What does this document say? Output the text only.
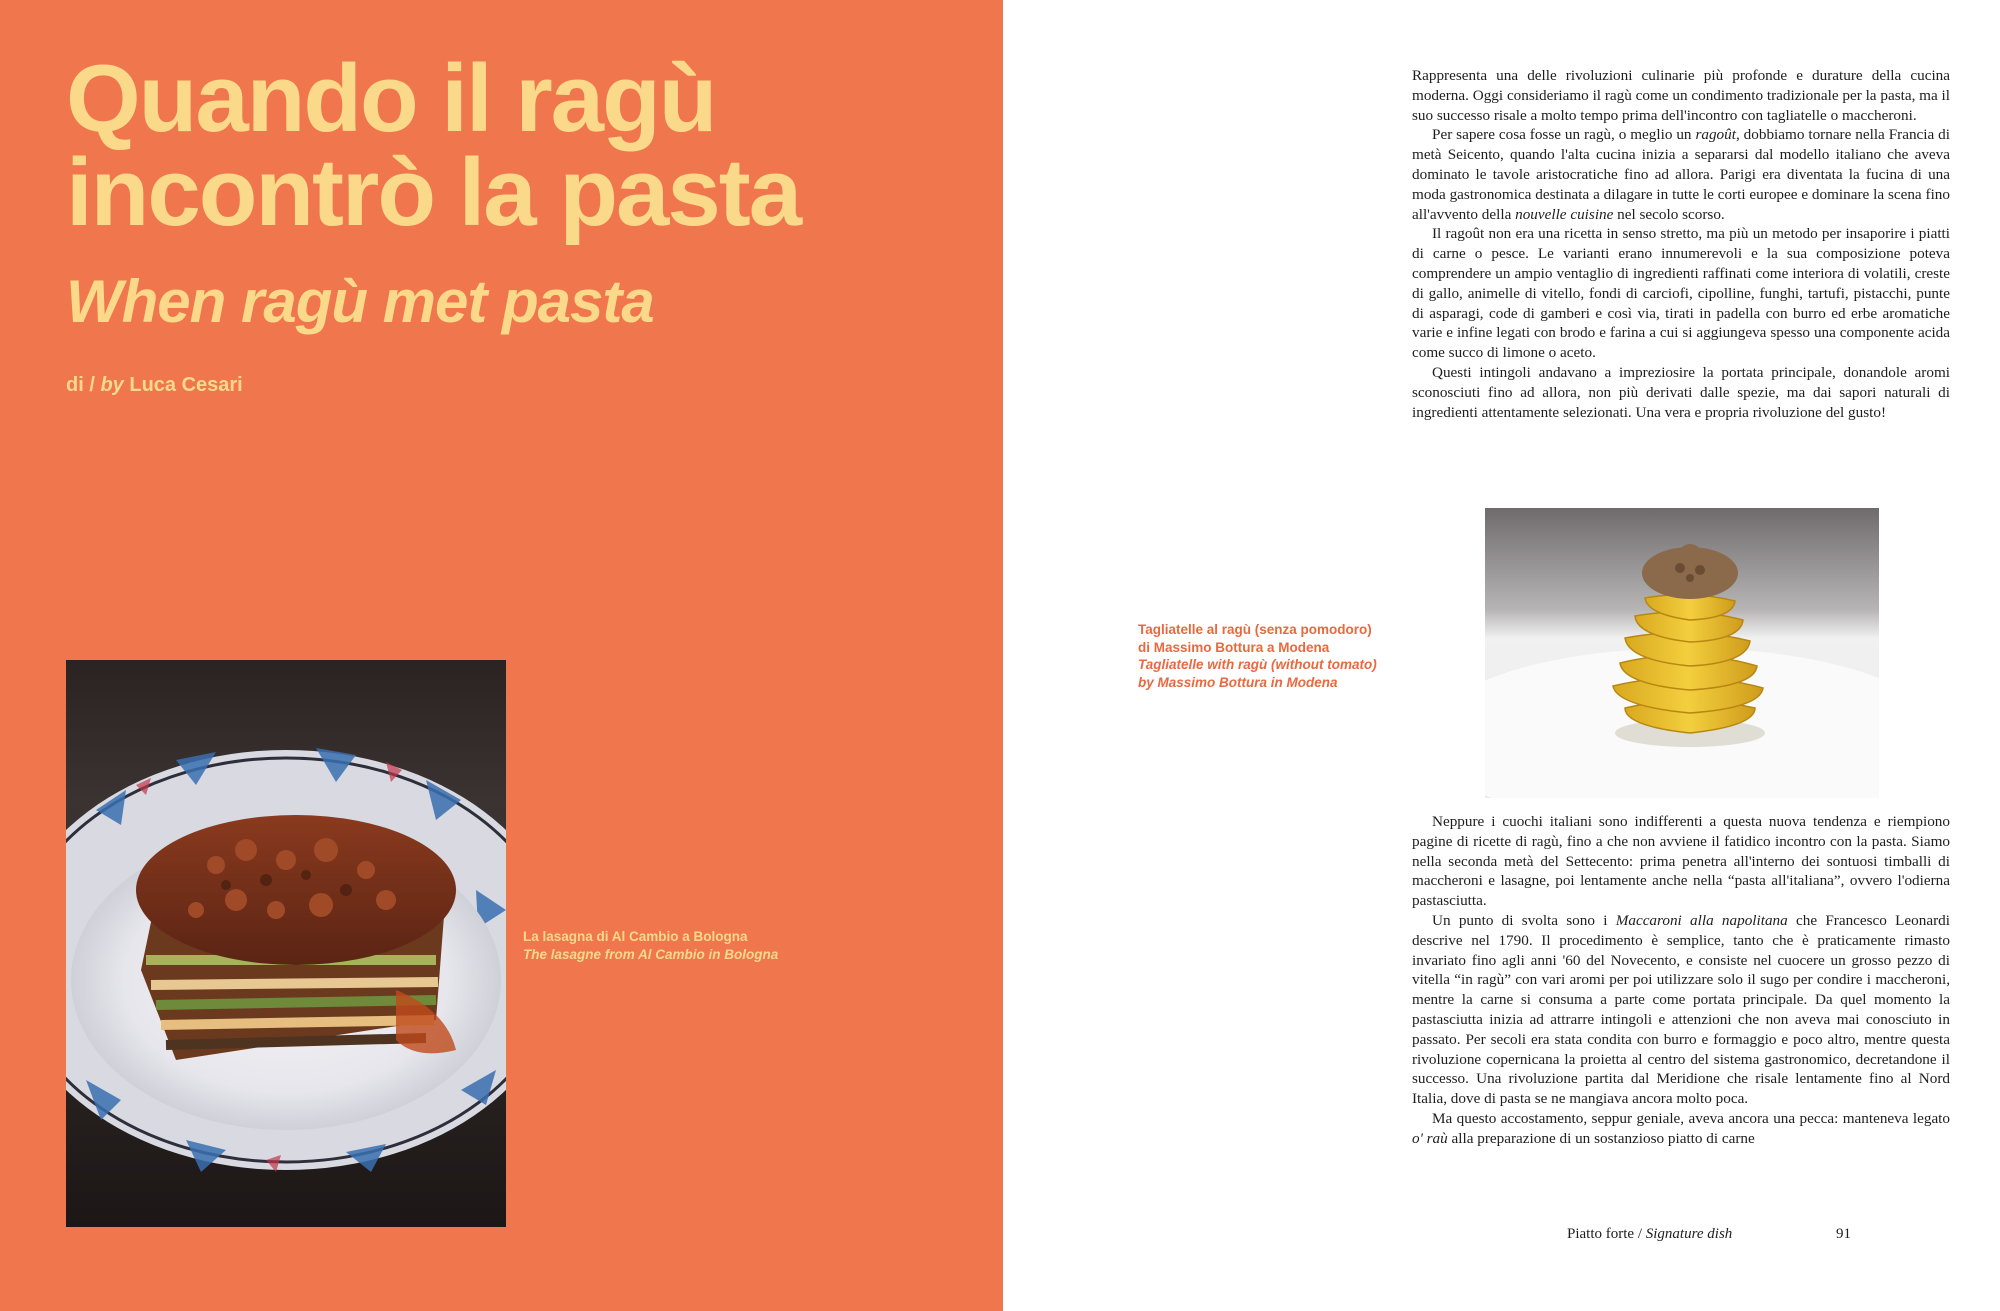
Quando il ragù
incontrò la pasta
When ragù met pasta
di / by Luca Cesari
La lasagna di Al Cambio a Bologna
The lasagne from Al Cambio in Bologna

Rappresenta una delle rivoluzioni culinarie più profonde e durature della cucina moderna. Oggi consideriamo il ragù come un condimento tradizionale per la pasta, ma il suo successo risale a molto tempo prima dell'incontro con tagliatelle o maccheroni.

Per sapere cosa fosse un ragù, o meglio un ragoût, dobbiamo tornare nella Francia di metà Seicento, quando l'alta cucina inizia a separarsi dal modello italiano che aveva dominato le tavole aristocratiche fino ad allora. Parigi era diventata la fucina di una moda gastronomica destinata a dilagare in tutte le corti europee e dominare la scena fino all'avvento della nouvelle cuisine nel secolo scorso.

Il ragoût non era una ricetta in senso stretto, ma più un metodo per insaporire i piatti di carne o pesce. Le varianti erano innumerevoli e la sua composizione poteva comprendere un ampio ventaglio di ingredienti raffinati come interiora di volatili, creste di gallo, animelle di vitello, fondi di carciofi, cipolline, funghi, tartufi, pistacchi, punte di asparagi, code di gamberi e così via, tirati in padella con burro ed erbe aromatiche varie e infine legati con brodo e farina a cui si aggiungeva spesso una componente acida come succo di limone o aceto.

Questi intingoli andavano a impreziosire la portata principale, donandole aromi sconosciuti fino ad allora, non più derivati dalle spezie, ma dai sapori naturali di ingredienti attentamente selezionati. Una vera e propria rivoluzione del gusto!

Tagliatelle al ragù (senza pomodoro)
di Massimo Bottura a Modena
Tagliatelle with ragù (without tomato)
by Massimo Bottura in Modena

Neppure i cuochi italiani sono indifferenti a questa nuova tendenza e riempiono pagine di ricette di ragù, fino a che non avviene il fatidico incontro con la pasta. Siamo nella seconda metà del Settecento: prima penetra all'interno dei sontuosi timballi di maccheroni e lasagne, poi lentamente anche nella “pasta all'italiana”, ovvero l'odierna pastasciutta.

Un punto di svolta sono i Maccaroni alla napolitana che Francesco Leonardi descrive nel 1790. Il procedimento è semplice, tanto che è praticamente rimasto invariato fino agli anni '60 del Novecento, e consiste nel cuocere un grosso pezzo di vitella “in ragù” con vari aromi per poi utilizzare solo il sugo per condire i maccheroni, mentre la carne si consuma a parte come portata principale. Da quel momento la pastasciutta inizia ad attrarre intingoli e attenzioni che non aveva mai conosciuto in passato. Per secoli era stata condita con burro e formaggio e poco altro, mentre questa rivoluzione copernicana la proietta al centro del sistema gastronomico, decretandone il successo. Una rivoluzione partita dal Meridione che risale lentamente fino al Nord Italia, dove di pasta se ne mangiava ancora molto poca.

Ma questo accostamento, seppur geniale, aveva ancora una pecca: manteneva legato o' raù alla preparazione di un sostanzioso piatto di carne

Piatto forte / Signature dish	91
